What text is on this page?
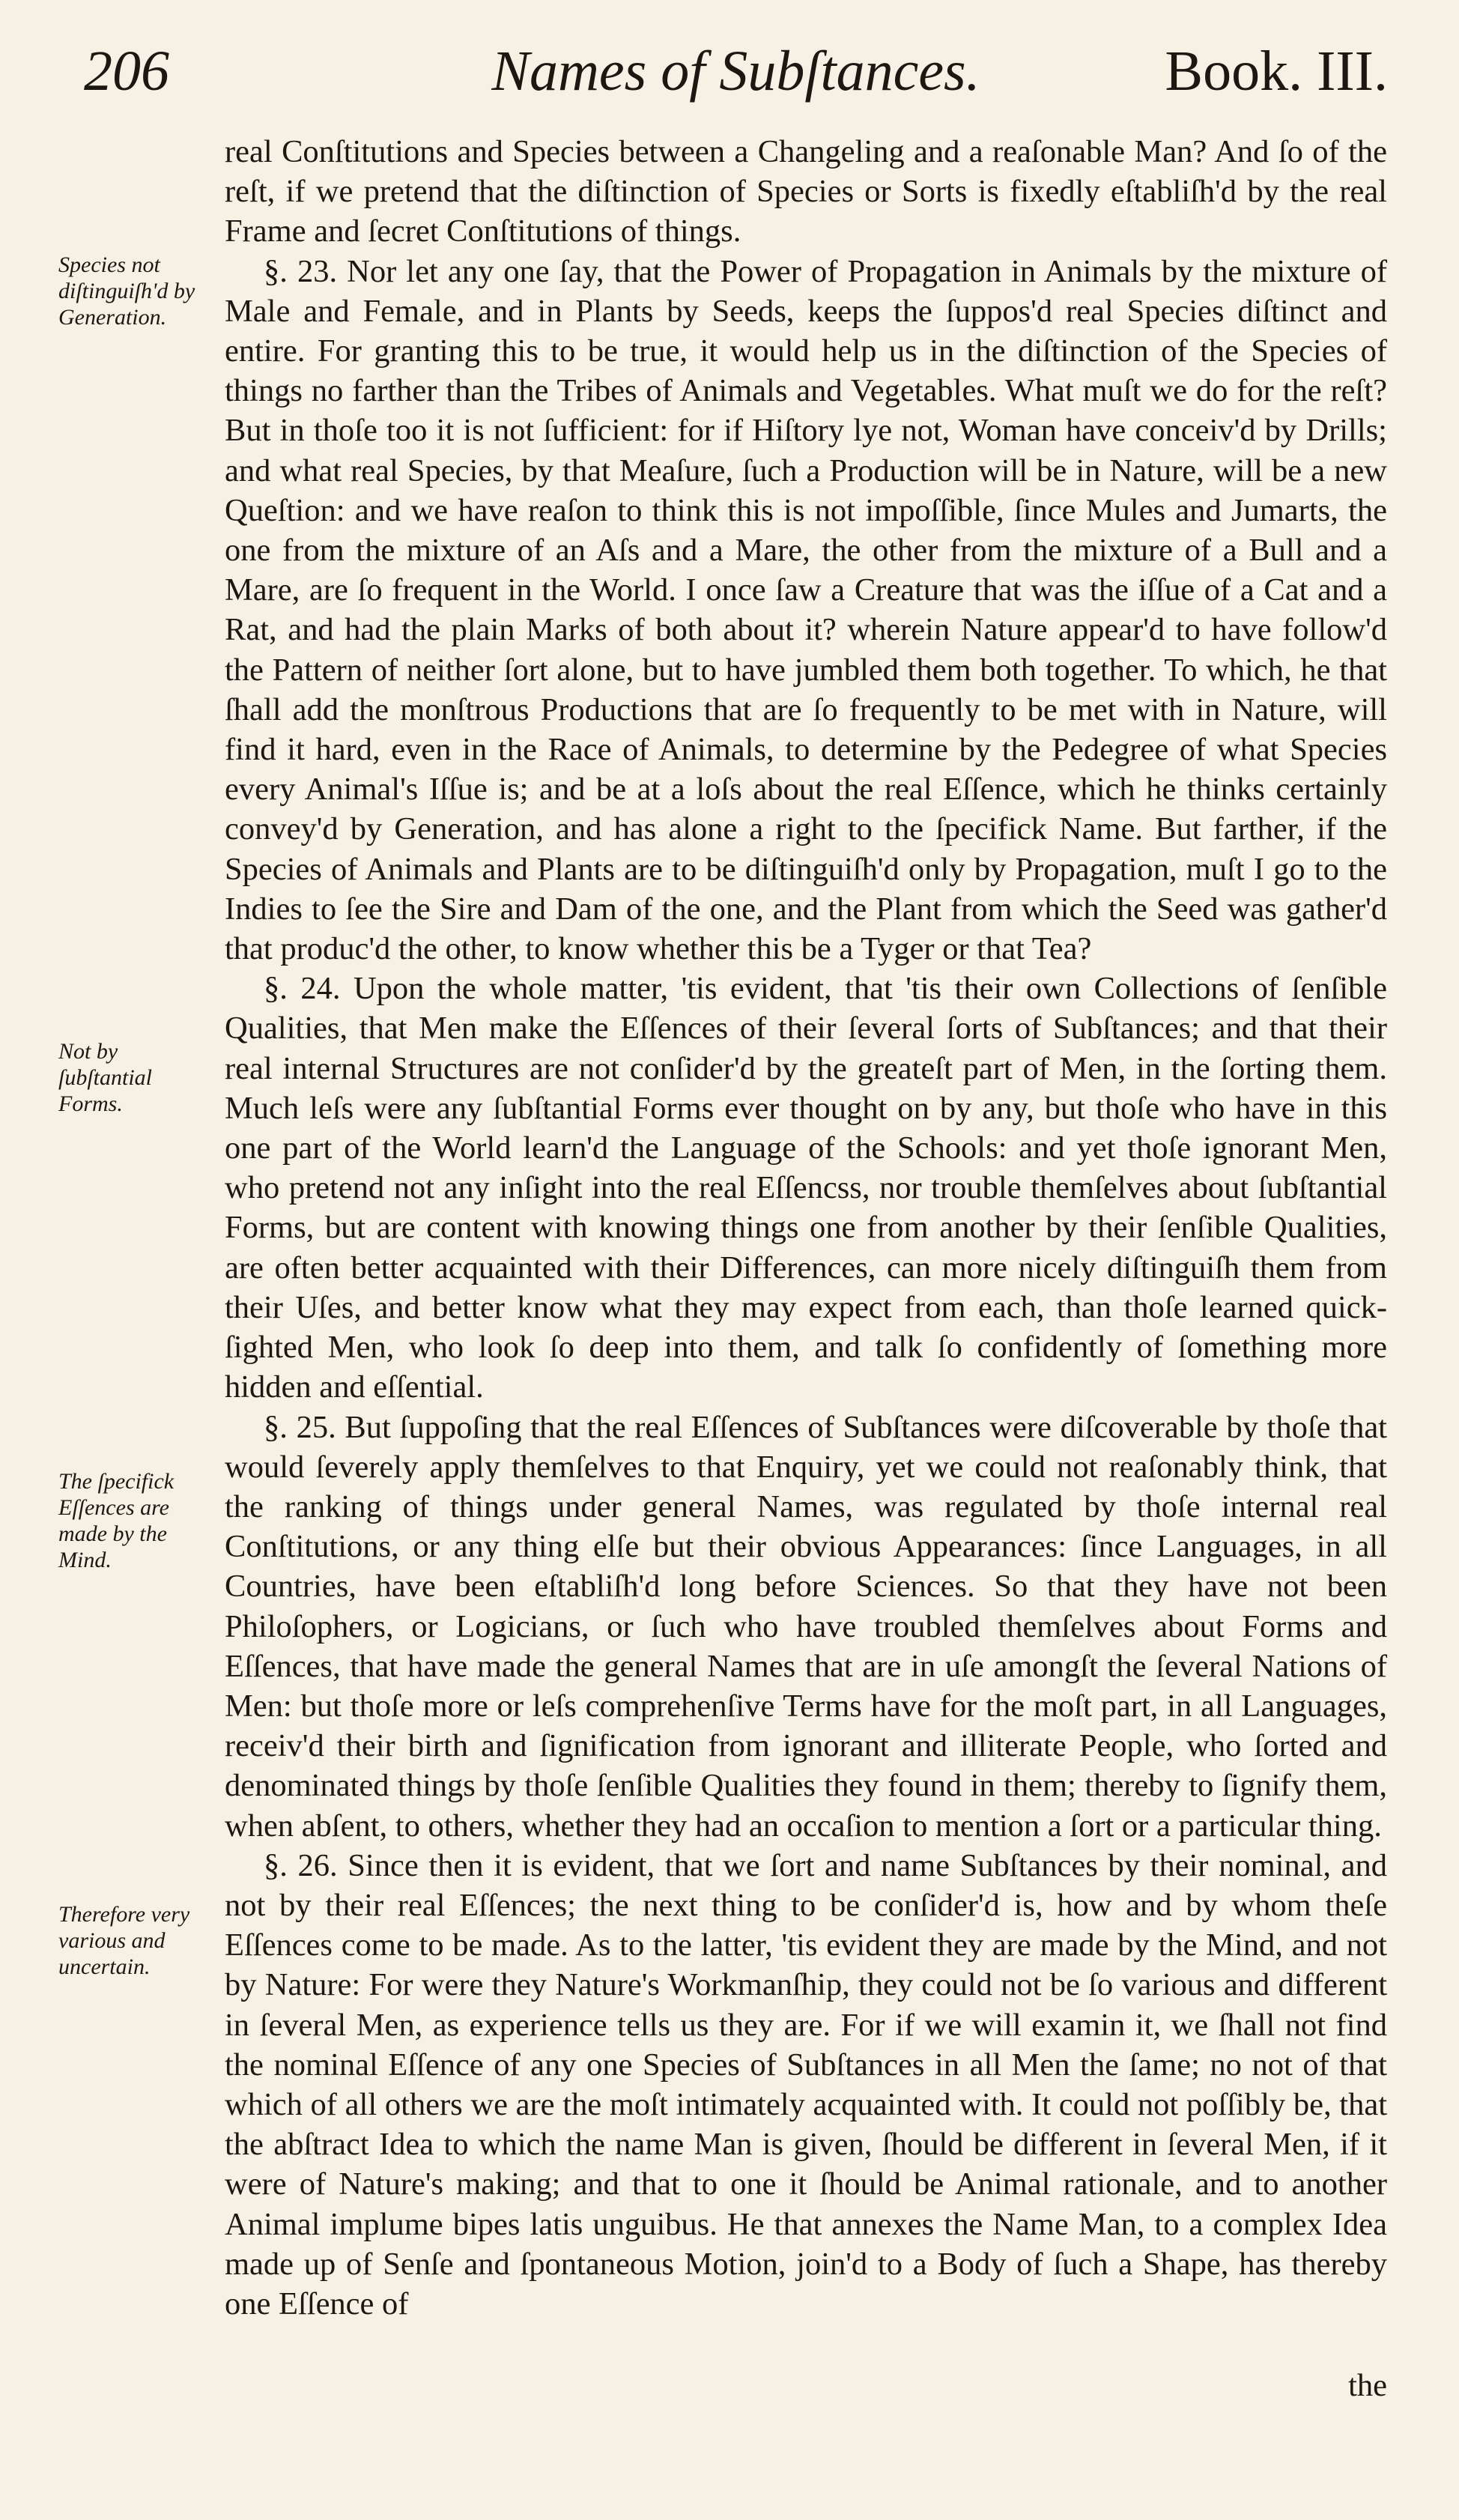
206	Names of Subſtances.	Book. III.
Species not diſtinguiſh'd by Generation.
Not by ſubſtantial Forms.
The ſpecifick Eſſences are made by the Mind.
Therefore very various and uncertain.

real Conſtitutions and Species between a Changeling and a reaſonable Man? And ſo of the reſt, if we pretend that the diſtinction of Species or Sorts is fixedly eſtabliſh'd by the real Frame and ſecret Conſtitutions of things.

§. 23. Nor let any one ſay, that the Power of Propagation in Animals by the mixture of Male and Female, and in Plants by Seeds, keeps the ſuppos'd real Species diſtinct and entire. For granting this to be true, it would help us in the diſtinction of the Species of things no farther than the Tribes of Animals and Vegetables. What muſt we do for the reſt? But in thoſe too it is not ſufficient: for if Hiſtory lye not, Woman have conceiv'd by Drills; and what real Species, by that Meaſure, ſuch a Production will be in Nature, will be a new Queſtion: and we have reaſon to think this is not impoſſible, ſince Mules and Jumarts, the one from the mixture of an Aſs and a Mare, the other from the mixture of a Bull and a Mare, are ſo frequent in the World. I once ſaw a Creature that was the iſſue of a Cat and a Rat, and had the plain Marks of both about it? wherein Nature appear'd to have follow'd the Pattern of neither ſort alone, but to have jumbled them both together. To which, he that ſhall add the monſtrous Productions that are ſo frequently to be met with in Nature, will find it hard, even in the Race of Animals, to determine by the Pedegree of what Species every Animal's Iſſue is; and be at a loſs about the real Eſſence, which he thinks certainly convey'd by Generation, and has alone a right to the ſpecifick Name. But farther, if the Species of Animals and Plants are to be diſtinguiſh'd only by Propagation, muſt I go to the Indies to ſee the Sire and Dam of the one, and the Plant from which the Seed was gather'd that produc'd the other, to know whether this be a Tyger or that Tea?

§. 24. Upon the whole matter, 'tis evident, that 'tis their own Collections of ſenſible Qualities, that Men make the Eſſences of their ſeveral ſorts of Subſtances; and that their real internal Structures are not conſider'd by the greateſt part of Men, in the ſorting them. Much leſs were any ſubſtantial Forms ever thought on by any, but thoſe who have in this one part of the World learn'd the Language of the Schools: and yet thoſe ignorant Men, who pretend not any inſight into the real Eſſencss, nor trouble themſelves about ſubſtantial Forms, but are content with knowing things one from another by their ſenſible Qualities, are often better acquainted with their Differences, can more nicely diſtinguiſh them from their Uſes, and better know what they may expect from each, than thoſe learned quick-ſighted Men, who look ſo deep into them, and talk ſo confidently of ſomething more hidden and eſſential.

§. 25. But ſuppoſing that the real Eſſences of Subſtances were diſcoverable by thoſe that would ſeverely apply themſelves to that Enquiry, yet we could not reaſonably think, that the ranking of things under general Names, was regulated by thoſe internal real Conſtitutions, or any thing elſe but their obvious Appearances: ſince Languages, in all Countries, have been eſtabliſh'd long before Sciences. So that they have not been Philoſophers, or Logicians, or ſuch who have troubled themſelves about Forms and Eſſences, that have made the general Names that are in uſe amongſt the ſeveral Nations of Men: but thoſe more or leſs comprehenſive Terms have for the moſt part, in all Languages, receiv'd their birth and ſignification from ignorant and illiterate People, who ſorted and denominated things by thoſe ſenſible Qualities they found in them; thereby to ſignify them, when abſent, to others, whether they had an occaſion to mention a ſort or a particular thing.

§. 26. Since then it is evident, that we ſort and name Subſtances by their nominal, and not by their real Eſſences; the next thing to be conſider'd is, how and by whom theſe Eſſences come to be made. As to the latter, 'tis evident they are made by the Mind, and not by Nature: For were they Nature's Workmanſhip, they could not be ſo various and different in ſeveral Men, as experience tells us they are. For if we will examin it, we ſhall not find the nominal Eſſence of any one Species of Subſtances in all Men the ſame; no not of that which of all others we are the moſt intimately acquainted with. It could not poſſibly be, that the abſtract Idea to which the name Man is given, ſhould be different in ſeveral Men, if it were of Nature's making; and that to one it ſhould be Animal rationale, and to another Animal implume bipes latis unguibus. He that annexes the Name Man, to a complex Idea made up of Senſe and ſpontaneous Motion, join'd to a Body of ſuch a Shape, has thereby one Eſſence of

the
